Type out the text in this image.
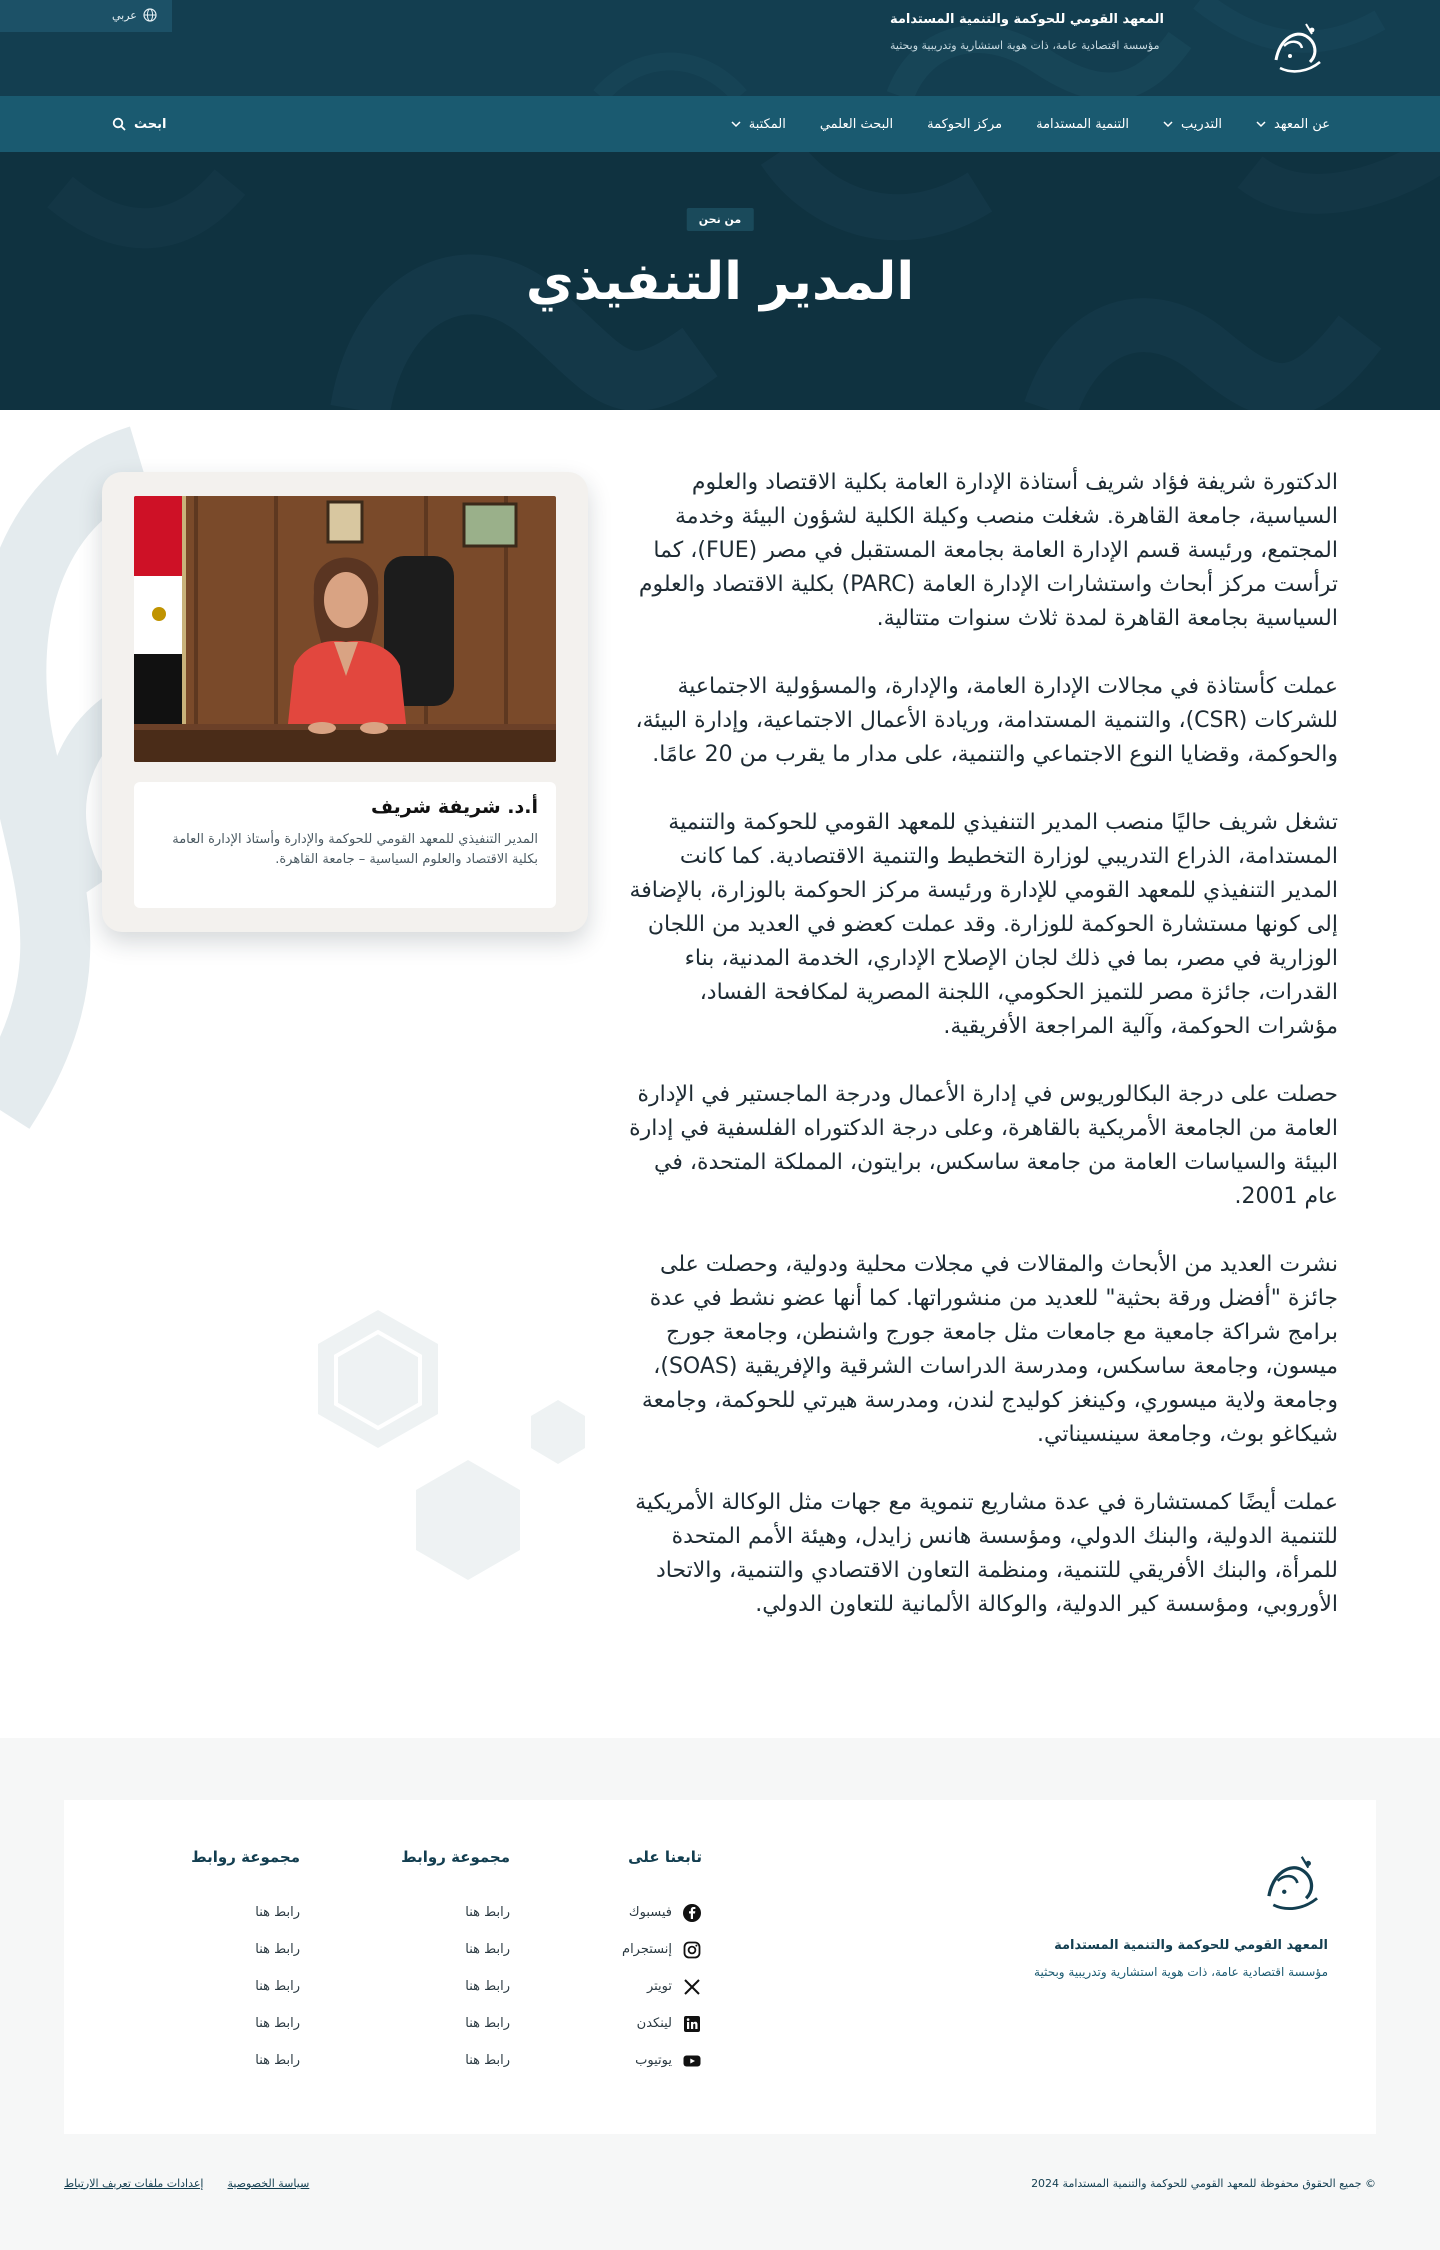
عربي	المعهد القومي للحوكمة والتنمية المستدامة
مؤسسة اقتصادية عامة، ذات هوية استشارية وتدريبية وبحثية
عن المعهد
التدريب
التنمية المستدامة
مركز الحوكمة
البحث العلمي
المكتبة
ابحث
من نحن
المدير التنفيذي

الدكتورة شريفة فؤاد شريف أستاذة الإدارة العامة بكلية الاقتصاد والعلوم السياسية، جامعة القاهرة. شغلت منصب وكيلة الكلية لشؤون البيئة وخدمة المجتمع، ورئيسة قسم الإدارة العامة بجامعة المستقبل في مصر (FUE)، كما ترأست مركز أبحاث واستشارات الإدارة العامة (PARC) بكلية الاقتصاد والعلوم السياسية بجامعة القاهرة لمدة ثلاث سنوات متتالية.

عملت كأستاذة في مجالات الإدارة العامة، والإدارة، والمسؤولية الاجتماعية للشركات (CSR)، والتنمية المستدامة، وريادة الأعمال الاجتماعية، وإدارة البيئة، والحوكمة، وقضايا النوع الاجتماعي والتنمية، على مدار ما يقرب من 20 عامًا.

تشغل شريف حاليًا منصب المدير التنفيذي للمعهد القومي للحوكمة والتنمية المستدامة، الذراع التدريبي لوزارة التخطيط والتنمية الاقتصادية. كما كانت المدير التنفيذي للمعهد القومي للإدارة ورئيسة مركز الحوكمة بالوزارة، بالإضافة إلى كونها مستشارة الحوكمة للوزارة. وقد عملت كعضو في العديد من اللجان الوزارية في مصر، بما في ذلك لجان الإصلاح الإداري، الخدمة المدنية، بناء القدرات، جائزة مصر للتميز الحكومي، اللجنة المصرية لمكافحة الفساد، مؤشرات الحوكمة، وآلية المراجعة الأفريقية.

حصلت على درجة البكالوريوس في إدارة الأعمال ودرجة الماجستير في الإدارة العامة من الجامعة الأمريكية بالقاهرة، وعلى درجة الدكتوراه الفلسفية في إدارة البيئة والسياسات العامة من جامعة ساسكس، برايتون، المملكة المتحدة، في عام 2001.

نشرت العديد من الأبحاث والمقالات في مجلات محلية ودولية، وحصلت على جائزة "أفضل ورقة بحثية" للعديد من منشوراتها. كما أنها عضو نشط في عدة برامج شراكة جامعية مع جامعات مثل جامعة جورج واشنطن، وجامعة جورج ميسون، وجامعة ساسكس، ومدرسة الدراسات الشرقية والإفريقية (SOAS)، وجامعة ولاية ميسوري، وكينغز كوليدج لندن، ومدرسة هيرتي للحوكمة، وجامعة شيكاغو بوث، وجامعة سينسيناتي.

عملت أيضًا كمستشارة في عدة مشاريع تنموية مع جهات مثل الوكالة الأمريكية للتنمية الدولية، والبنك الدولي، ومؤسسة هانس زايدل، وهيئة الأمم المتحدة للمرأة، والبنك الأفريقي للتنمية، ومنظمة التعاون الاقتصادي والتنمية، والاتحاد الأوروبي، ومؤسسة كير الدولية، والوكالة الألمانية للتعاون الدولي.

أ.د. شريفة شريف
المدير التنفيذي للمعهد القومي للحوكمة والإدارة وأستاذ الإدارة العامة بكلية الاقتصاد والعلوم السياسية – جامعة القاهرة.
المعهد القومي للحوكمة والتنمية المستدامة
مؤسسة اقتصادية عامة، ذات هوية استشارية وتدريبية وبحثية
تابعنا على
فيسبوك
إنستجرام
تويتر
لينكدن
يوتيوب
مجموعة روابط
رابط هنا
رابط هنا
رابط هنا
رابط هنا
رابط هنا
مجموعة روابط
رابط هنا
رابط هنا
رابط هنا
رابط هنا
رابط هنا
© جميع الحقوق محفوظة للمعهد القومي للحوكمة والتنمية المستدامة 2024
سياسة الخصوصية
إعدادات ملفات تعريف الارتباط
